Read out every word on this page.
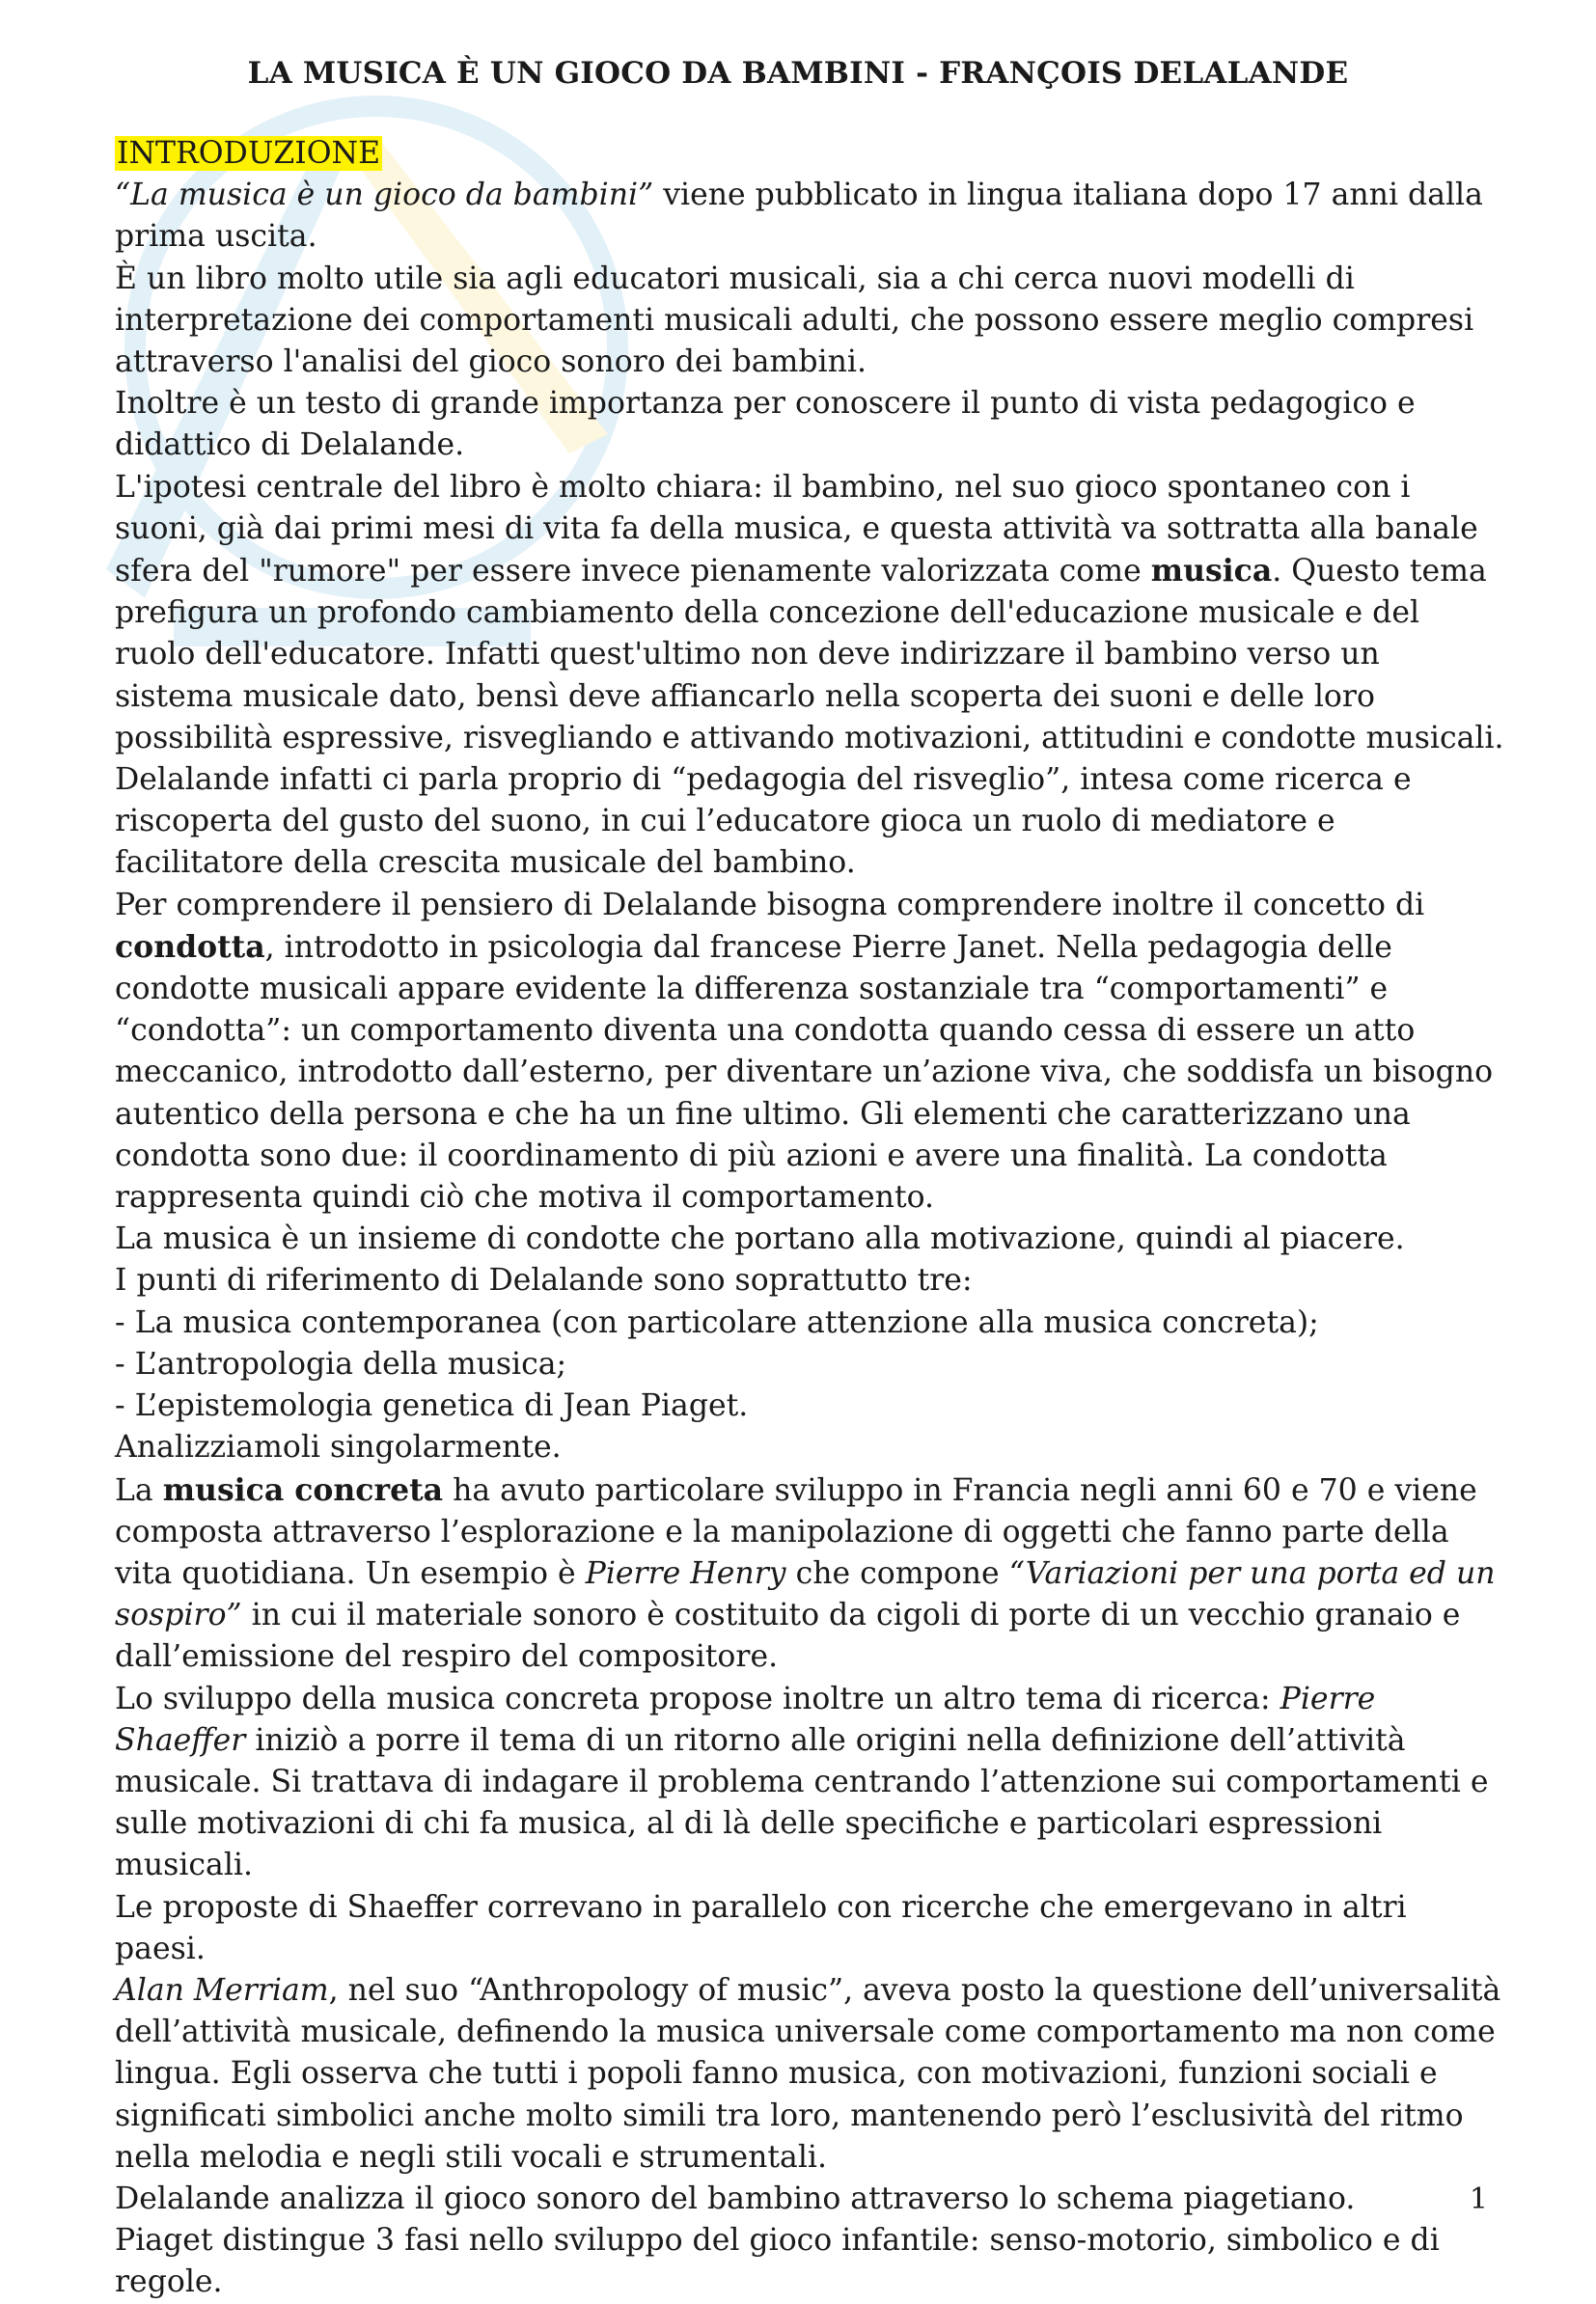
LA MUSICA È UN GIOCO DA BAMBINI - FRANÇOIS DELALANDE

INTRODUZIONE

“La musica è un gioco da bambini” viene pubblicato in lingua italiana dopo 17 anni dalla prima uscita.

È un libro molto utile sia agli educatori musicali, sia a chi cerca nuovi modelli di interpretazione dei comportamenti musicali adulti, che possono essere meglio compresi attraverso l'analisi del gioco sonoro dei bambini.

Inoltre è un testo di grande importanza per conoscere il punto di vista pedagogico e didattico di Delalande.

L'ipotesi centrale del libro è molto chiara: il bambino, nel suo gioco spontaneo con i suoni, già dai primi mesi di vita fa della musica, e questa attività va sottratta alla banale sfera del "rumore" per essere invece pienamente valorizzata come musica. Questo tema prefigura un profondo cambiamento della concezione dell'educazione musicale e del ruolo dell'educatore. Infatti quest'ultimo non deve indirizzare il bambino verso un sistema musicale dato, bensì deve affiancarlo nella scoperta dei suoni e delle loro possibilità espressive, risvegliando e attivando motivazioni, attitudini e condotte musicali. Delalande infatti ci parla proprio di “pedagogia del risveglio”, intesa come ricerca e riscoperta del gusto del suono, in cui l’educatore gioca un ruolo di mediatore e facilitatore della crescita musicale del bambino.

Per comprendere il pensiero di Delalande bisogna comprendere inoltre il concetto di condotta, introdotto in psicologia dal francese Pierre Janet. Nella pedagogia delle condotte musicali appare evidente la differenza sostanziale tra “comportamenti” e “condotta”: un comportamento diventa una condotta quando cessa di essere un atto meccanico, introdotto dall’esterno, per diventare un’azione viva, che soddisfa un bisogno autentico della persona e che ha un fine ultimo. Gli elementi che caratterizzano una condotta sono due: il coordinamento di più azioni e avere una finalità. La condotta rappresenta quindi ciò che motiva il comportamento.

La musica è un insieme di condotte che portano alla motivazione, quindi al piacere.

I punti di riferimento di Delalande sono soprattutto tre:

- La musica contemporanea (con particolare attenzione alla musica concreta);

- L’antropologia della musica;

- L’epistemologia genetica di Jean Piaget.

Analizziamoli singolarmente.

La musica concreta ha avuto particolare sviluppo in Francia negli anni 60 e 70 e viene composta attraverso l’esplorazione e la manipolazione di oggetti che fanno parte della vita quotidiana. Un esempio è Pierre Henry che compone “Variazioni per una porta ed un sospiro” in cui il materiale sonoro è costituito da cigoli di porte di un vecchio granaio e dall’emissione del respiro del compositore.

Lo sviluppo della musica concreta propose inoltre un altro tema di ricerca: Pierre Shaeffer iniziò a porre il tema di un ritorno alle origini nella definizione dell’attività musicale. Si trattava di indagare il problema centrando l’attenzione sui comportamenti e sulle motivazioni di chi fa musica, al di là delle specifiche e particolari espressioni musicali.

Le proposte di Shaeffer correvano in parallelo con ricerche che emergevano in altri paesi.

Alan Merriam, nel suo “Anthropology of music”, aveva posto la questione dell’universalità dell’attività musicale, definendo la musica universale come comportamento ma non come lingua. Egli osserva che tutti i popoli fanno musica, con motivazioni, funzioni sociali e significati simbolici anche molto simili tra loro, mantenendo però l’esclusività del ritmo nella melodia e negli stili vocali e strumentali.

Delalande analizza il gioco sonoro del bambino attraverso lo schema piagetiano.

Piaget distingue 3 fasi nello sviluppo del gioco infantile: senso-motorio, simbolico e di regole.

1
